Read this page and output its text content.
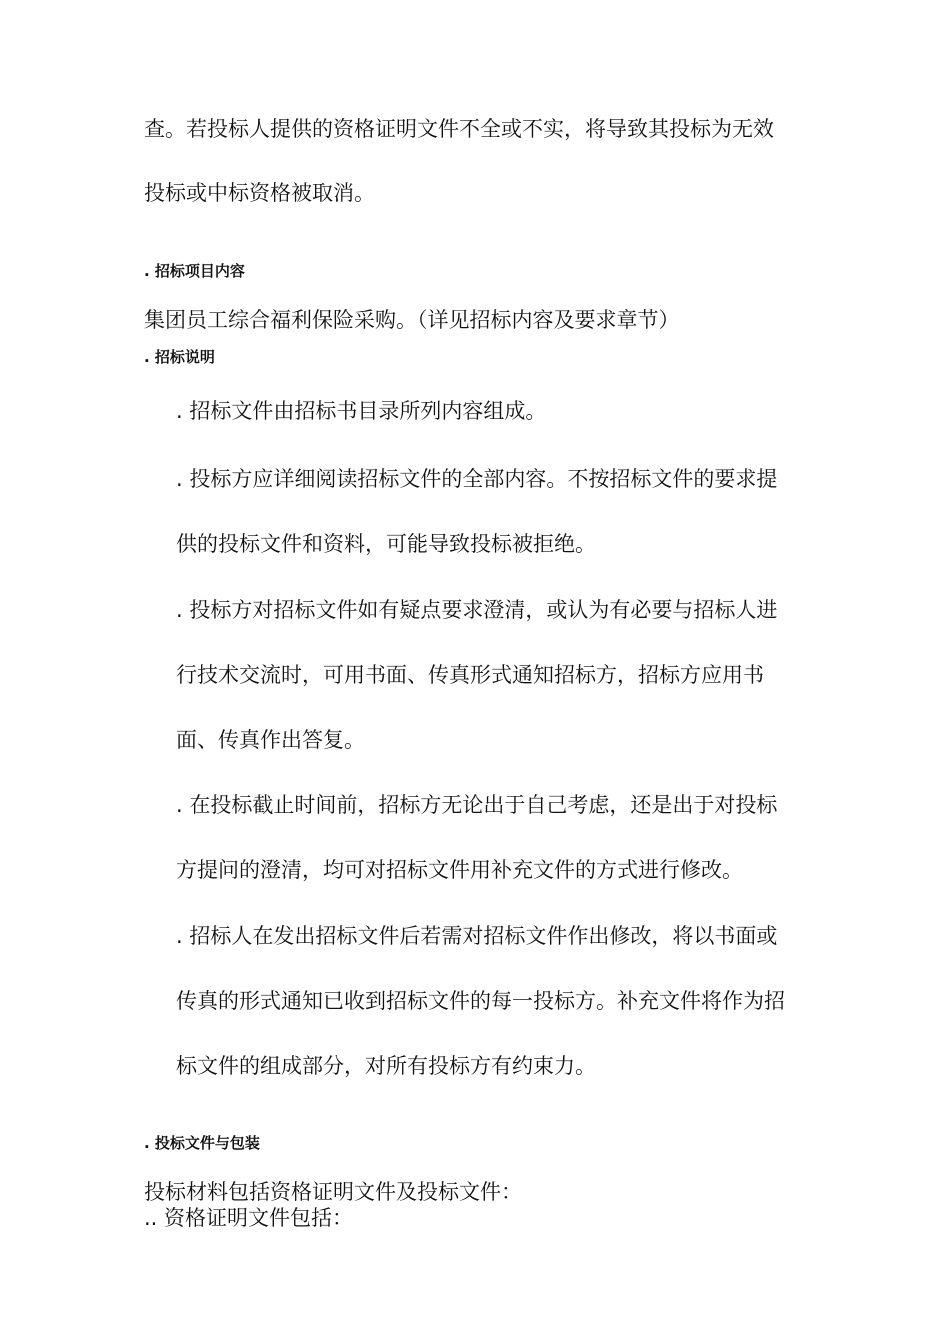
查。若投标人提供的资格证明文件不全或不实，将导致其投标为无效
投标或中标资格被取消。
. 招标项目内容
集团员工综合福利保险采购。（详见招标内容及要求章节）
. 招标说明
. 招标文件由招标书目录所列内容组成。
. 投标方应详细阅读招标文件的全部内容。不按招标文件的要求提
供的投标文件和资料，可能导致投标被拒绝。
. 投标方对招标文件如有疑点要求澄清，或认为有必要与招标人进
行技术交流时，可用书面、传真形式通知招标方，招标方应用书
面、传真作出答复。
. 在投标截止时间前，招标方无论出于自己考虑，还是出于对投标
方提问的澄清，均可对招标文件用补充文件的方式进行修改。
. 招标人在发出招标文件后若需对招标文件作出修改，将以书面或
传真的形式通知已收到招标文件的每一投标方。补充文件将作为招
标文件的组成部分，对所有投标方有约束力。
. 投标文件与包装
投标材料包括资格证明文件及投标文件：
.. 资格证明文件包括：
